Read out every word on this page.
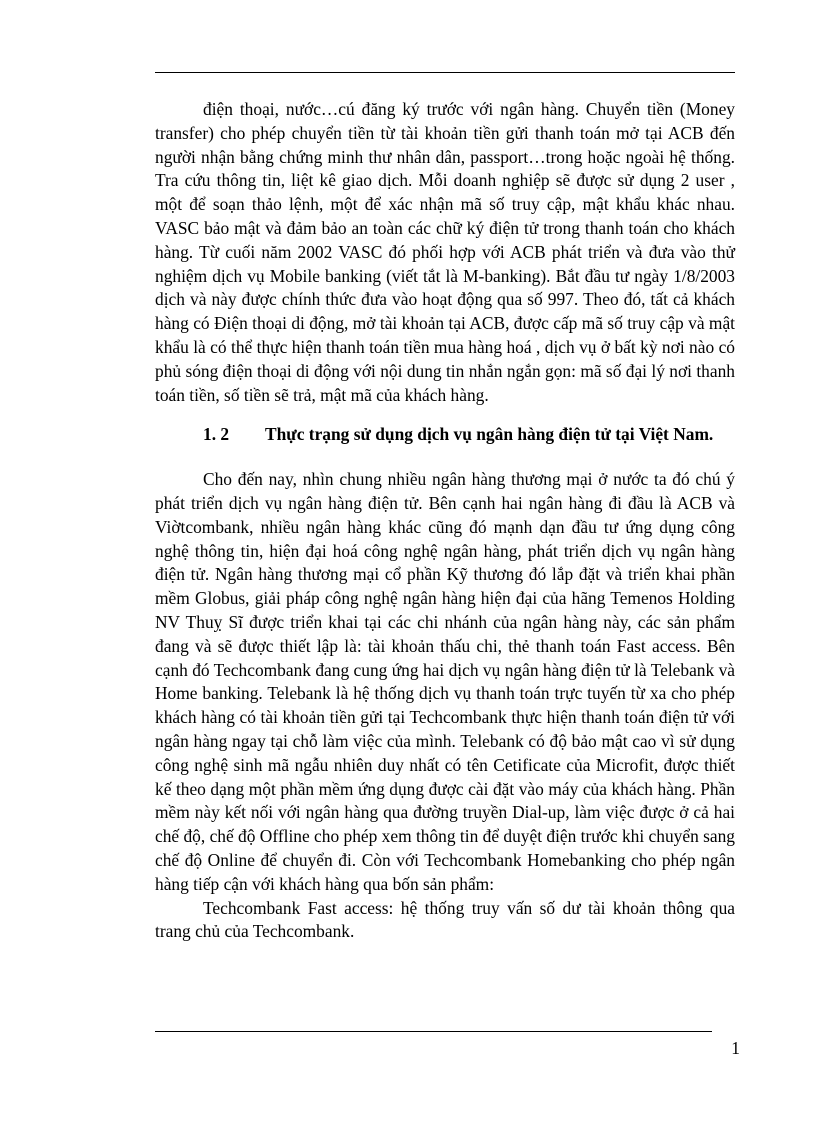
điện thoại, nước…cú đăng ký trước với ngân hàng. Chuyển tiền (Money transfer) cho phép chuyển tiền từ tài khoản tiền gửi thanh toán mở tại ACB đến người nhận bằng chứng minh thư nhân dân, passport…trong hoặc ngoài hệ thống. Tra cứu thông tin, liệt kê giao dịch. Mỗi doanh nghiệp sẽ được sử dụng 2 user , một để soạn thảo lệnh, một để xác nhận mã số truy cập, mật khẩu khác nhau. VASC bảo mật và đảm bảo an toàn các chữ ký điện tử trong thanh toán cho khách hàng. Từ cuối năm 2002 VASC đó phối hợp với ACB phát triển và đưa vào thử nghiệm dịch vụ Mobile banking (viết tắt là M-banking). Bắt đầu tư ngày 1/8/2003 dịch và này được chính thức đưa vào hoạt động qua số 997. Theo đó, tất cả khách hàng có Điện thoại di động, mở tài khoản tại ACB, được cấp mã số truy cập và mật khẩu là có thể thực hiện thanh toán tiền mua hàng hoá , dịch vụ ở bất kỳ nơi nào có phủ sóng điện thoại di động với nội dung tin nhắn ngắn gọn: mã số đại lý nơi thanh toán tiền, số tiền sẽ trả, mật mã của khách hàng.

1. 2 Thực trạng sử dụng dịch vụ ngân hàng điện tử tại Việt Nam.

Cho đến nay, nhìn chung nhiều ngân hàng thương mại ở nước ta đó chú ý phát triển dịch vụ ngân hàng điện tử. Bên cạnh hai ngân hàng đi đầu là ACB và Viờtcombank, nhiều ngân hàng khác cũng đó mạnh dạn đầu tư ứng dụng công nghệ thông tin, hiện đại hoá công nghệ ngân hàng, phát triển dịch vụ ngân hàng điện tử. Ngân hàng thương mại cổ phần Kỹ thương đó lắp đặt và triển khai phần mềm Globus, giải pháp công nghệ ngân hàng hiện đại của hãng Temenos Holding NV Thuỵ Sĩ được triển khai tại các chi nhánh của ngân hàng này, các sản phẩm đang và sẽ được thiết lập là: tài khoản thấu chi, thẻ thanh toán Fast access. Bên cạnh đó Techcombank đang cung ứng hai dịch vụ ngân hàng điện tử là Telebank và Home banking. Telebank là hệ thống dịch vụ thanh toán trực tuyến từ xa cho phép khách hàng có tài khoản tiền gửi tại Techcombank thực hiện thanh toán điện tử với ngân hàng ngay tại chỗ làm việc của mình. Telebank có độ bảo mật cao vì sử dụng công nghệ sinh mã ngẫu nhiên duy nhất có tên Cetificate của Microfit, được thiết kế theo dạng một phần mềm ứng dụng được cài đặt vào máy của khách hàng. Phần mềm này kết nối với ngân hàng qua đường truyền Dial-up, làm việc được ở cả hai chế độ, chế độ Offline cho phép xem thông tin để duyệt điện trước khi chuyển sang chế độ Online để chuyển đi. Còn với Techcombank Homebanking cho phép ngân hàng tiếp cận với khách hàng qua bốn sản phẩm:

Techcombank Fast access: hệ thống truy vấn số dư tài khoản thông qua trang chủ của Techcombank.

1
